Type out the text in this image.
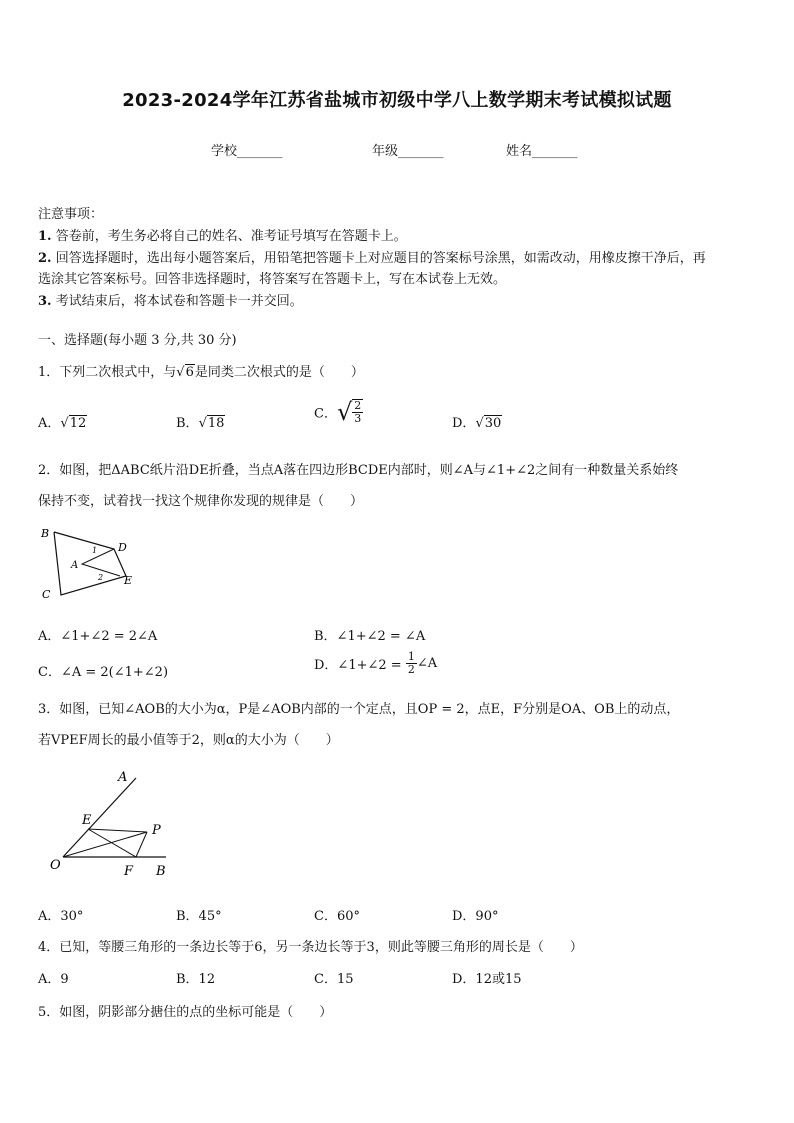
2023-2024学年江苏省盐城市初级中学八上数学期末考试模拟试题
学校_______	年级_______	姓名_______
注意事项：
1. 答卷前，考生务必将自己的姓名、准考证号填写在答题卡上。
2. 回答选择题时，选出每小题答案后，用铅笔把答题卡上对应题目的答案标号涂黑，如需改动，用橡皮擦干净后，再
选涂其它答案标号。回答非选择题时，将答案写在答题卡上，写在本试卷上无效。
3. 考试结束后，将本试卷和答题卡一并交回。
一、选择题(每小题 3 分,共 30 分)
1．下列二次根式中，与√6是同类二次根式的是（　　）
A．√12	B．√18
C．√ $\frac{2}{3}$	D．√30
2．如图，把ΔABC纸片沿DE折叠，当点A落在四边形BCDE内部时，则∠A与∠1+∠2之间有一种数量关系始终
保持不变，试着找一找这个规律你发现的规律是（　　）
B
C
D
E
A
1
2
A．∠1+∠2 = 2∠A	B．∠1+∠2 = ∠A
C．∠A = 2(∠1+∠2)	D．∠1+∠2 = $\frac{1}{2}$ ∠A
3．如图，已知∠AOB的大小为α，P是∠AOB内部的一个定点，且OP = 2，点E，F分别是OA、OB上的动点，
若VPEF周长的最小值等于2，则α的大小为（　　）
A
E
P
O	F B
A．30°	B．45°	C．60°	D．90°
4．已知，等腰三角形的一条边长等于6，另一条边长等于3，则此等腰三角形的周长是（　　）
A．9	B．12	C．15	D．12或15
5．如图，阴影部分搪住的点的坐标可能是（　　）
